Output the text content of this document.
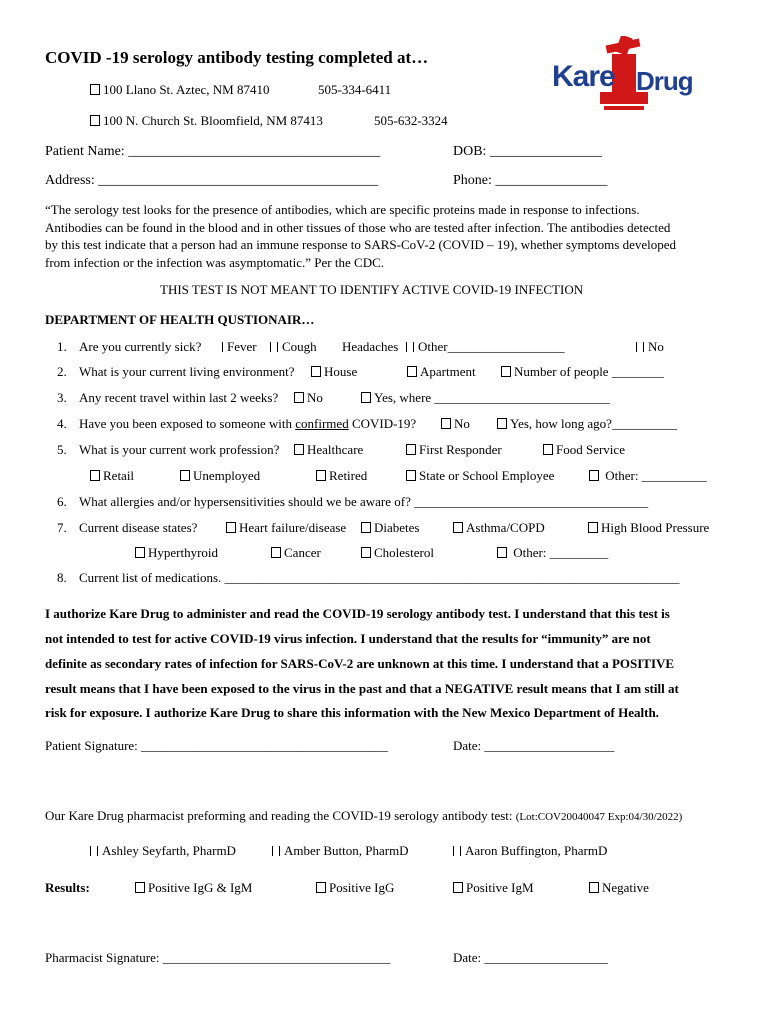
COVID -19 serology antibody testing completed at…
100 Llano St. Aztec, NM 87410	505-334-6411
100 N. Church St. Bloomfield, NM 87413	505-632-3324
Kare Drug
Patient Name: ____________________________________	DOB: ________________
Address: ________________________________________	Phone: ________________
“The serology test looks for the presence of antibodies, which are specific proteins made in response to infections.
Antibodies can be found in the blood and in other tissues of those who are tested after infection. The antibodies detected
by this test indicate that a person had an immune response to SARS-CoV-2 (COVID – 19), whether symptoms developed
from infection or the infection was asymptomatic.” Per the CDC.
THIS TEST IS NOT MEANT TO IDENTIFY ACTIVE COVID-19 INFECTION
DEPARTMENT OF HEALTH QUSTIONAIR…
1. Are you currently sick?	Fever	Cough Headaches	Other__________________	No
2. What is your current living environment?	House	Apartment	Number of people ________
3. Any recent travel within last 2 weeks?	No	Yes, where ___________________________
4. Have you been exposed to someone with confirmed COVID-19?	No	Yes, how long ago?__________
5. What is your current work profession?	Healthcare	First Responder	Food Service
Retail	Unemployed	Retired	State or School Employee	Other: __________
6. What allergies and/or hypersensitivities should we be aware of? ____________________________________
7. Current disease states?	Heart failure/disease	Diabetes	Asthma/COPD	High Blood Pressure
Hyperthyroid	Cancer	Cholesterol	Other: _________
8. Current list of medications. ______________________________________________________________________
I authorize Kare Drug to administer and read the COVID-19 serology antibody test. I understand that this test is
not intended to test for active COVID-19 virus infection. I understand that the results for “immunity” are not
definite as secondary rates of infection for SARS-CoV-2 are unknown at this time. I understand that a POSITIVE
result means that I have been exposed to the virus in the past and that a NEGATIVE result means that I am still at
risk for exposure. I authorize Kare Drug to share this information with the New Mexico Department of Health.
Patient Signature: ______________________________________	Date: ____________________
Our Kare Drug pharmacist preforming and reading the COVID-19 serology antibody test: (Lot:COV20040047 Exp:04/30/2022)
Ashley Seyfarth, PharmD	Amber Button, PharmD	Aaron Buffington, PharmD
Results:	Positive IgG & IgM	Positive IgG	Positive IgM	Negative
Pharmacist Signature: ___________________________________	Date: ___________________
